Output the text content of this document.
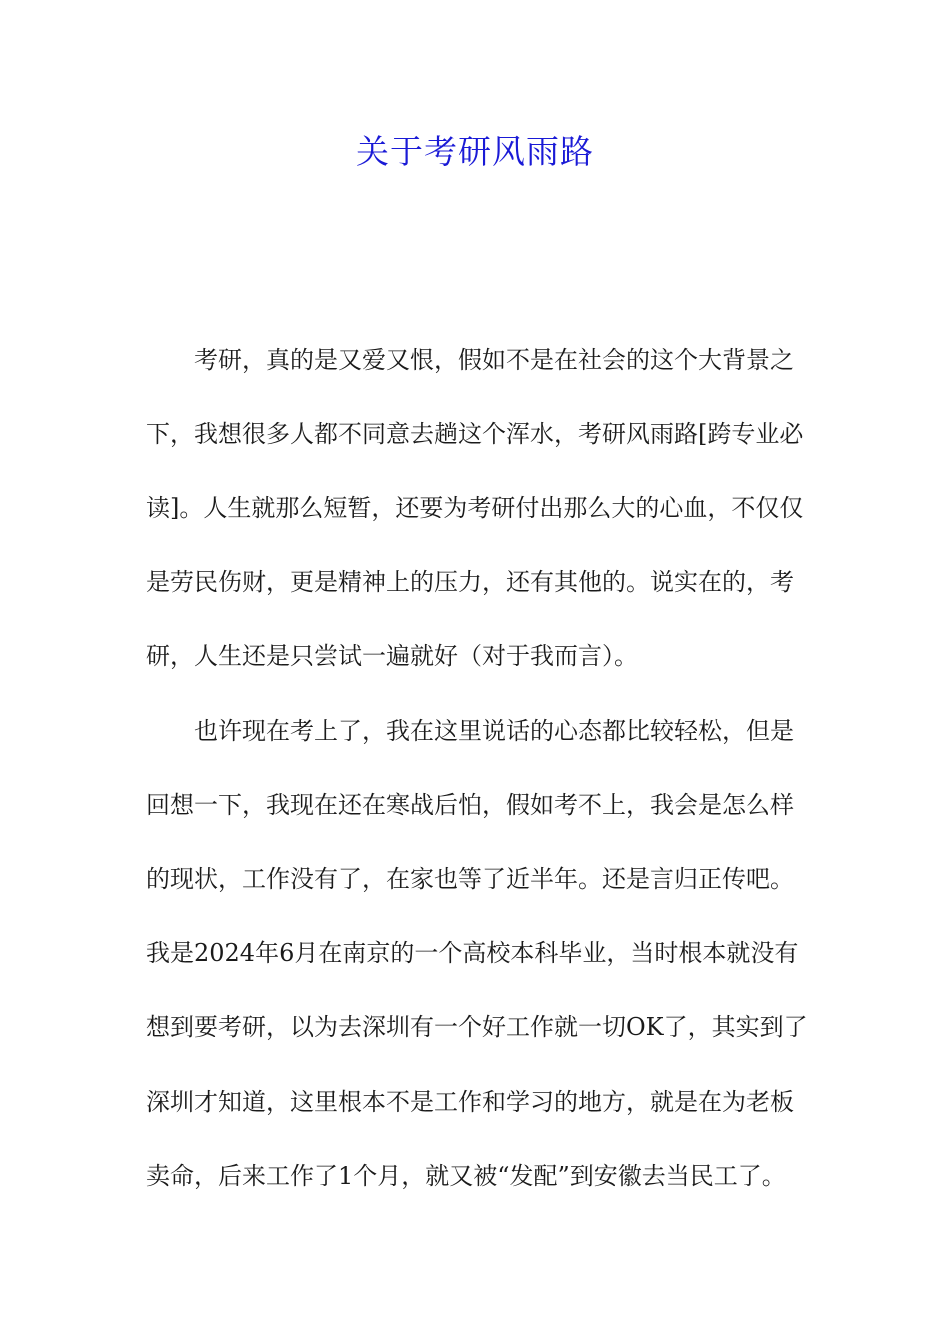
关于考研风雨路
考研，真的是又爱又恨，假如不是在社会的这个大背景之
下，我想很多人都不同意去趟这个浑水，考研风雨路[跨专业必
读]。人生就那么短暂，还要为考研付出那么大的心血，不仅仅
是劳民伤财，更是精神上的压力，还有其他的。说实在的，考
研，人生还是只尝试一遍就好（对于我而言）。
也许现在考上了，我在这里说话的心态都比较轻松，但是
回想一下，我现在还在寒战后怕，假如考不上，我会是怎么样
的现状，工作没有了，在家也等了近半年。还是言归正传吧。
我是2024年6月在南京的一个高校本科毕业，当时根本就没有
想到要考研，以为去深圳有一个好工作就一切OK了，其实到了
深圳才知道，这里根本不是工作和学习的地方，就是在为老板
卖命，后来工作了1个月，就又被“发配”到安徽去当民工了。
